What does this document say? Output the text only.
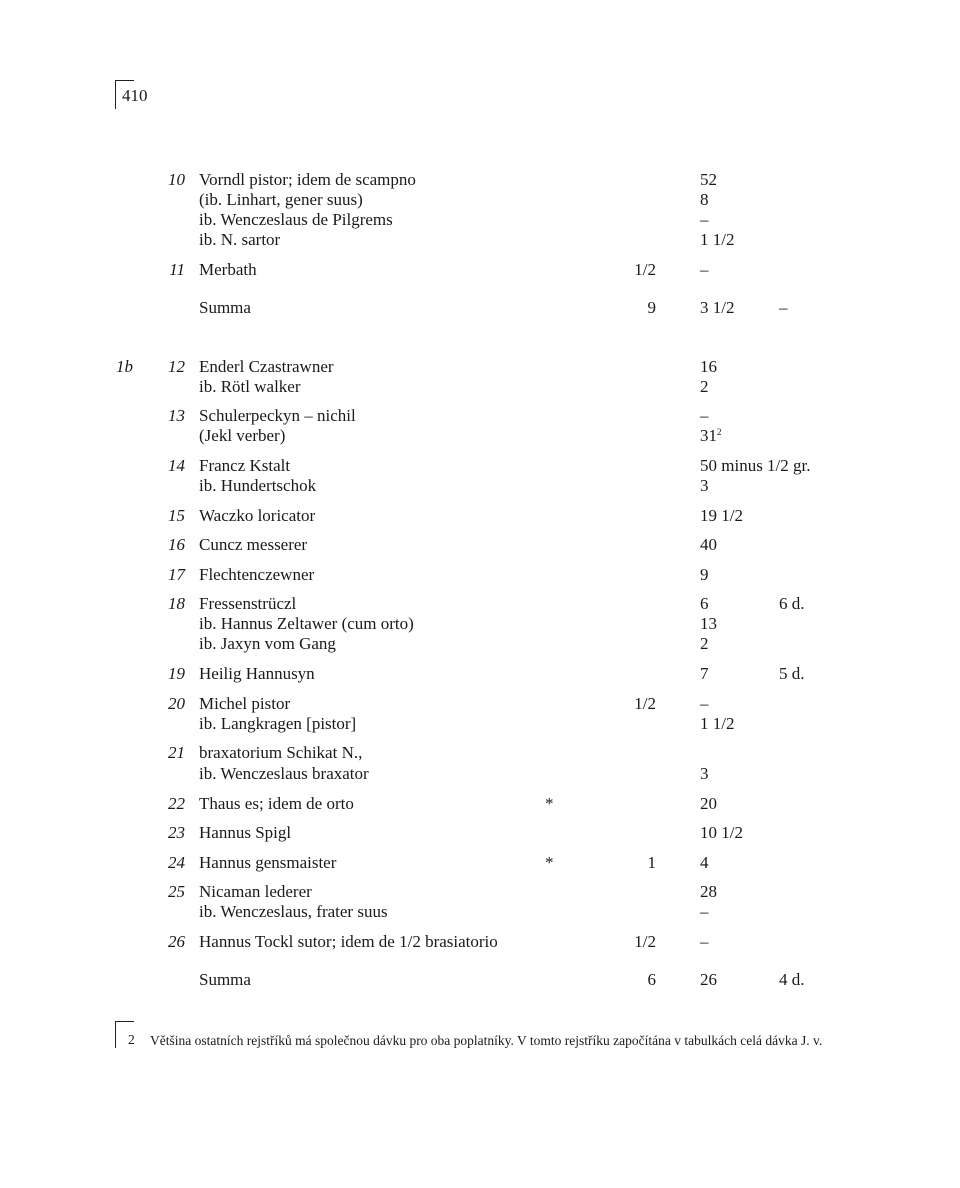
410
10 Vorndl pistor; idem de scampno	52
(ib. Linhart, gener suus)	8
ib. Wenczeslaus de Pilgrems	–
ib. N. sartor	1 1/2
11 Merbath	1/2	–
Summa	9	3 1/2	–
1b	12 Enderl Czastrawner	16
ib. Rötl walker	2
13 Schulerpeckyn – nichil	–
(Jekl verber)	$31^2$
14 Francz Kstalt	50 minus 1/2 gr.
ib. Hundertschok	3
15 Waczko loricator	19 1/2
16 Cuncz messerer	40
17 Flechtenczewner	9
18 Fressenstrüczl	6	6 d.
ib. Hannus Zeltawer (cum orto)	13
ib. Jaxyn vom Gang	2
19 Heilig Hannusyn	7	5 d.
20 Michel pistor	1/2	–
ib. Langkragen [pistor]	1 1/2
21 braxatorium Schikat N.,
ib. Wenczeslaus braxator	3
22 Thaus es; idem de orto	*	20
23 Hannus Spigl	10 1/2
24 Hannus gensmaister	*	1	4
25 Nicaman lederer	28
ib. Wenczeslaus, frater suus	–
26 Hannus Tockl sutor; idem de 1/2 brasiatorio	1/2	–
Summa	6	26	4 d.
2 Většina ostatních rejstříků má společnou dávku pro oba poplatníky. V tomto rejstříku započítána v tabulkách celá dávka J. v.
